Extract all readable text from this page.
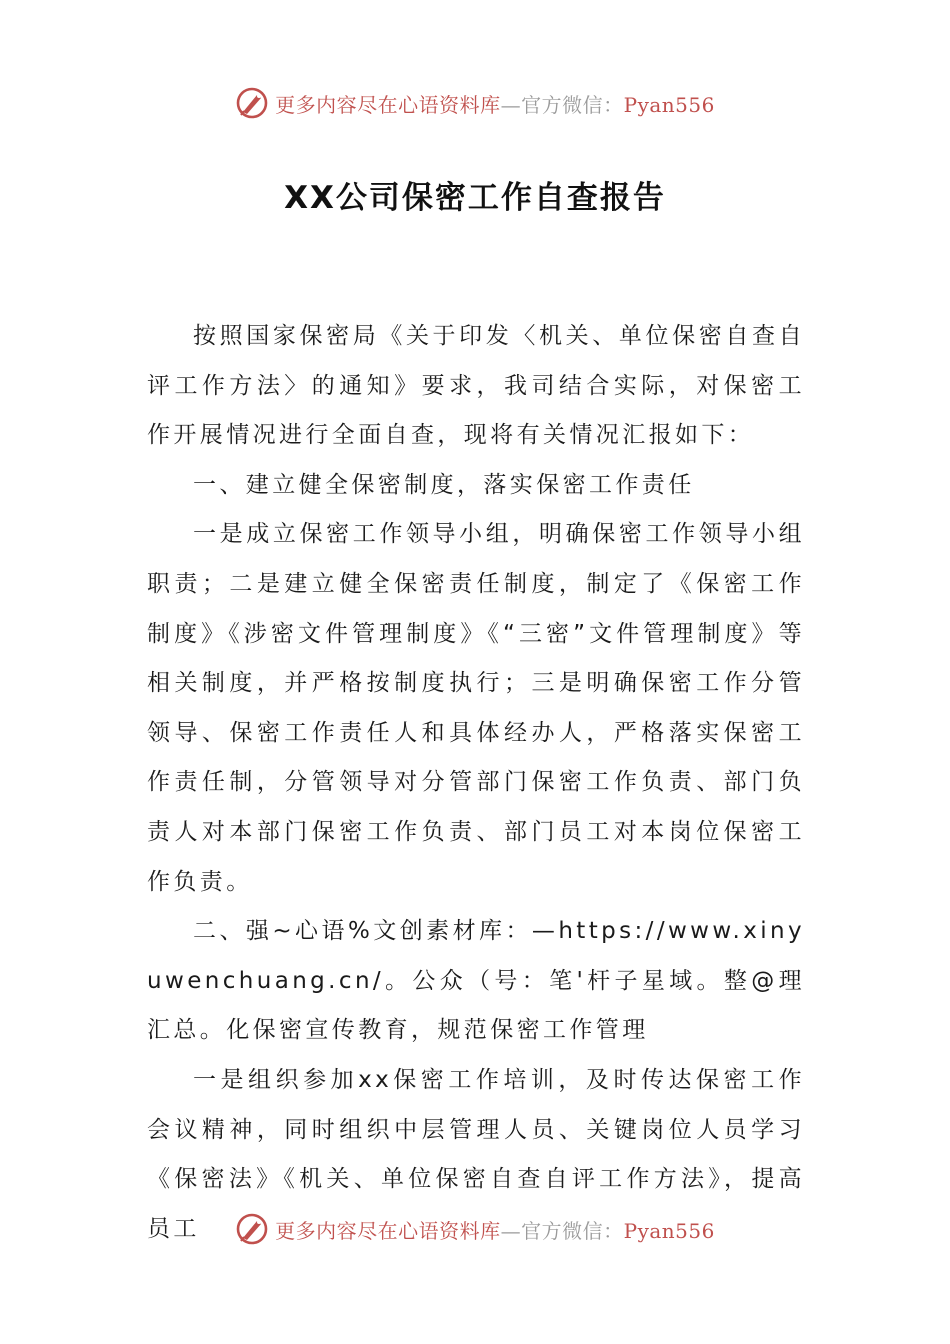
更多内容尽在心语资料库—官方微信：Pyan556
XX公司保密工作自查报告

按照国家保密局《关于印发〈机关、单位保密自查自评工作方法〉的通知》要求，我司结合实际，对保密工作开展情况进行全面自查，现将有关情况汇报如下：

一、建立健全保密制度，落实保密工作责任

一是成立保密工作领导小组，明确保密工作领导小组职责；二是建立健全保密责任制度，制定了《保密工作制度》《涉密文件管理制度》《“三密”文件管理制度》等相关制度，并严格按制度执行；三是明确保密工作分管领导、保密工作责任人和具体经办人，严格落实保密工作责任制，分管领导对分管部门保密工作负责、部门负责人对本部门保密工作负责、部门员工对本岗位保密工作负责。

二、强~心语%文创素材库：—https://www.xinyuwenchuang.cn/。公众（号：笔'杆子星域。整@理汇总。化保密宣传教育，规范保密工作管理

一是组织参加xx保密工作培训，及时传达保密工作会议精神，同时组织中层管理人员、关键岗位人员学习《保密法》《机关、单位保密自查自评工作方法》，提高员工	更多内容尽在心语资料库—官方微信：Pyan556
